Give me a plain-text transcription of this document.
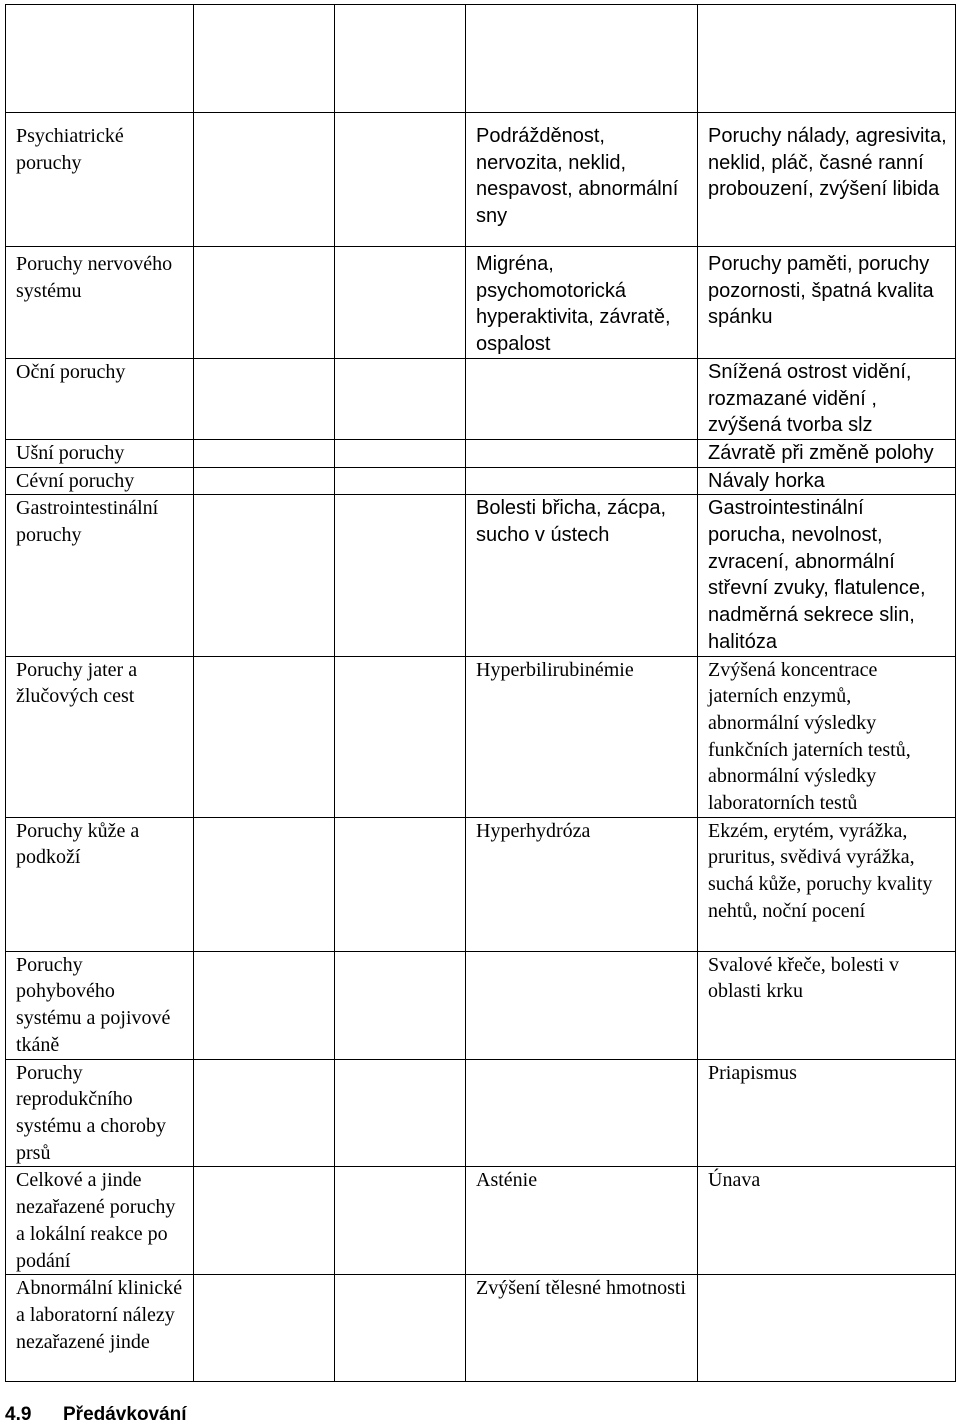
Psychiatrické poruchy			Podrážděnost, nervozita, neklid, nespavost, abnormální sny	Poruchy nálady, agresivita, neklid, pláč, časné ranní probouzení, zvýšení libida
Poruchy nervového systému			Migréna, psychomotorická hyperaktivita, závratě, ospalost	Poruchy paměti, poruchy pozornosti, špatná kvalita spánku
Oční poruchy				Snížená ostrost vidění, rozmazané vidění , zvýšená tvorba slz
Ušní poruchy				Závratě při změně polohy
Cévní poruchy				Návaly horka
Gastrointestinální poruchy			Bolesti břicha, zácpa, sucho v ústech	Gastrointestinální porucha, nevolnost, zvracení, abnormální střevní zvuky, flatulence, nadměrná sekrece slin, halitóza
Poruchy jater a žlučových cest			Hyperbilirubinémie	Zvýšená koncentrace jaterních enzymů, abnormální výsledky funkčních jaterních testů, abnormální výsledky laboratorních testů
Poruchy kůže a podkoží			Hyperhydróza	Ekzém, erytém, vyrážka, pruritus, svědivá vyrážka, suchá kůže, poruchy kvality nehtů, noční pocení
Poruchy pohybového systému a pojivové tkáně				Svalové křeče, bolesti v oblasti krku
Poruchy reprodukčního systému a choroby prsů				Priapismus
Celkové a jinde nezařazené poruchy a lokální reakce po podání			Asténie	Únava
Abnormální klinické a laboratorní nálezy nezařazené jinde			Zvýšení tělesné hmotnosti	
4.9 Předávkování
